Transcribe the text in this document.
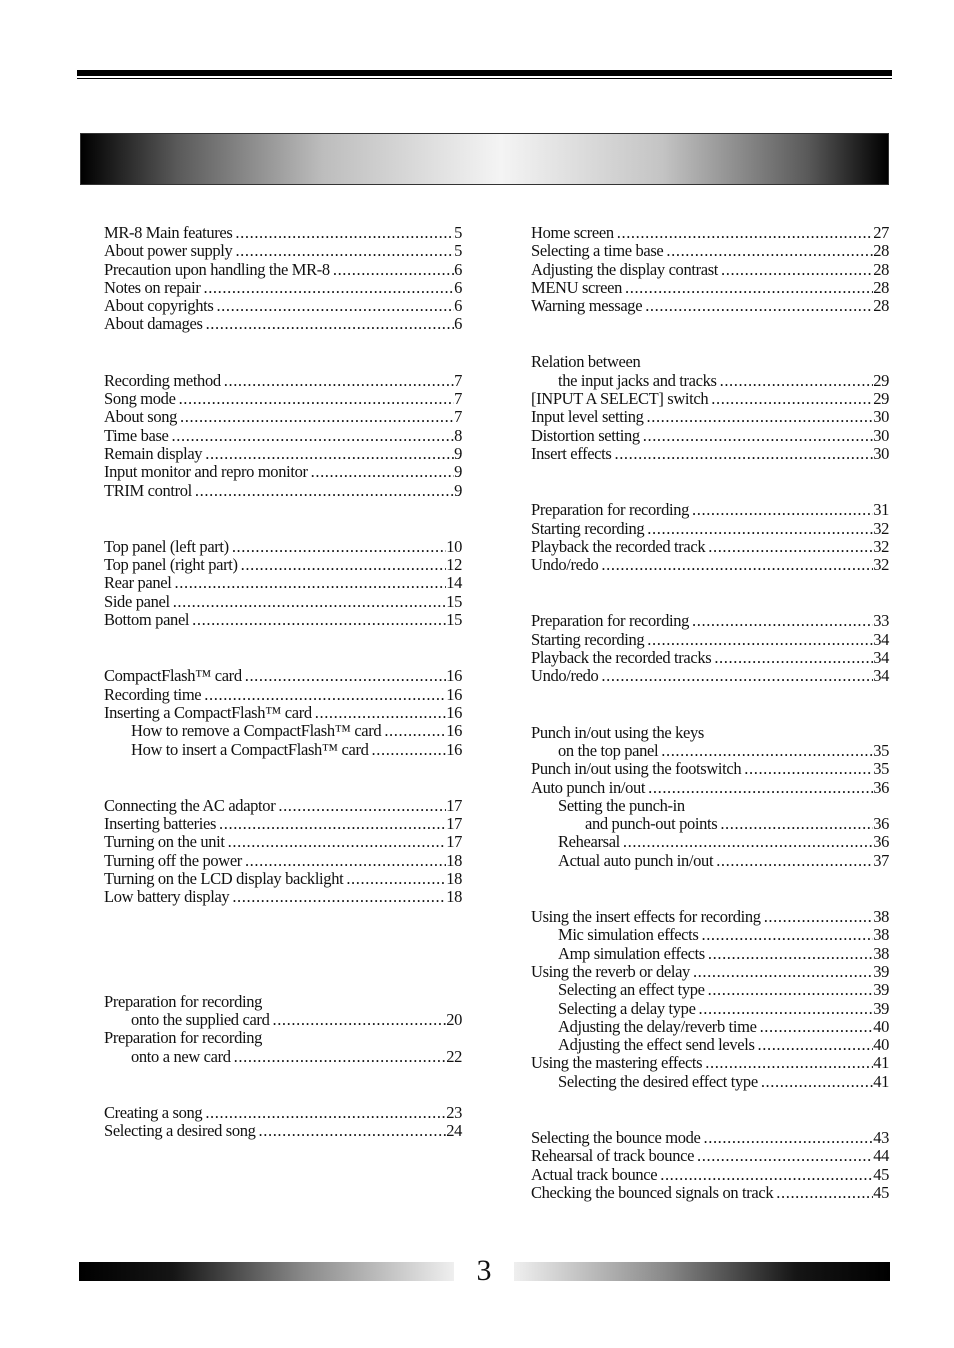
MR-8 Main features .....	5
About power supply .....	5
Precaution upon handling the MR-8 .....	6
Notes on repair .....	6
About copyrights .....	6
About damages .....	6
Recording method .....	7
Song mode .....	7
About song .....	7
Time base .....	8
Remain display .....	9
Input monitor and repro monitor .....	9
TRIM control .....	9
Top panel (left part) .....	10
Top panel (right part) .....	12
Rear panel .....	14
Side panel .....	15
Bottom panel .....	15
CompactFlash™ card .....	16
Recording time .....	16
Inserting a CompactFlash™ card .....	16
How to remove a CompactFlash™ card .....	16
How to insert a CompactFlash™ card .....	16
Connecting the AC adaptor .....	17
Inserting batteries .....	17
Turning on the unit .....	17
Turning off the power .....	18
Turning on the LCD display backlight .....	18
Low battery display .....	18
Preparation for recording
onto the supplied card .....	20
Preparation for recording
onto a new card .....	22
Creating a song .....	23
Selecting a desired song .....	24
Home screen .....	27
Selecting a time base .....	28
Adjusting the display contrast .....	28
MENU screen .....	28
Warning message .....	28
Relation between
the input jacks and tracks .....	29
[INPUT A SELECT] switch .....	29
Input level setting .....	30
Distortion setting .....	30
Insert effects .....	30
Preparation for recording .....	31
Starting recording .....	32
Playback the recorded track .....	32
Undo/redo .....	32
Preparation for recording .....	33
Starting recording .....	34
Playback the recorded tracks .....	34
Undo/redo .....	34
Punch in/out using the keys
on the top panel .....	35
Punch in/out using the footswitch .....	35
Auto punch in/out .....	36
Setting the punch-in
and punch-out points .....	36
Rehearsal .....	36
Actual auto punch in/out .....	37
Using the insert effects for recording .....	38
Mic simulation effects .....	38
Amp simulation effects .....	38
Using the reverb or delay .....	39
Selecting an effect type .....	39
Selecting a delay type .....	39
Adjusting the delay/reverb time .....	40
Adjusting the effect send levels .....	40
Using the mastering effects .....	41
Selecting the desired effect type .....	41
Selecting the bounce mode .....	43
Rehearsal of track bounce .....	44
Actual track bounce .....	45
Checking the bounced signals on track .....	45
3
